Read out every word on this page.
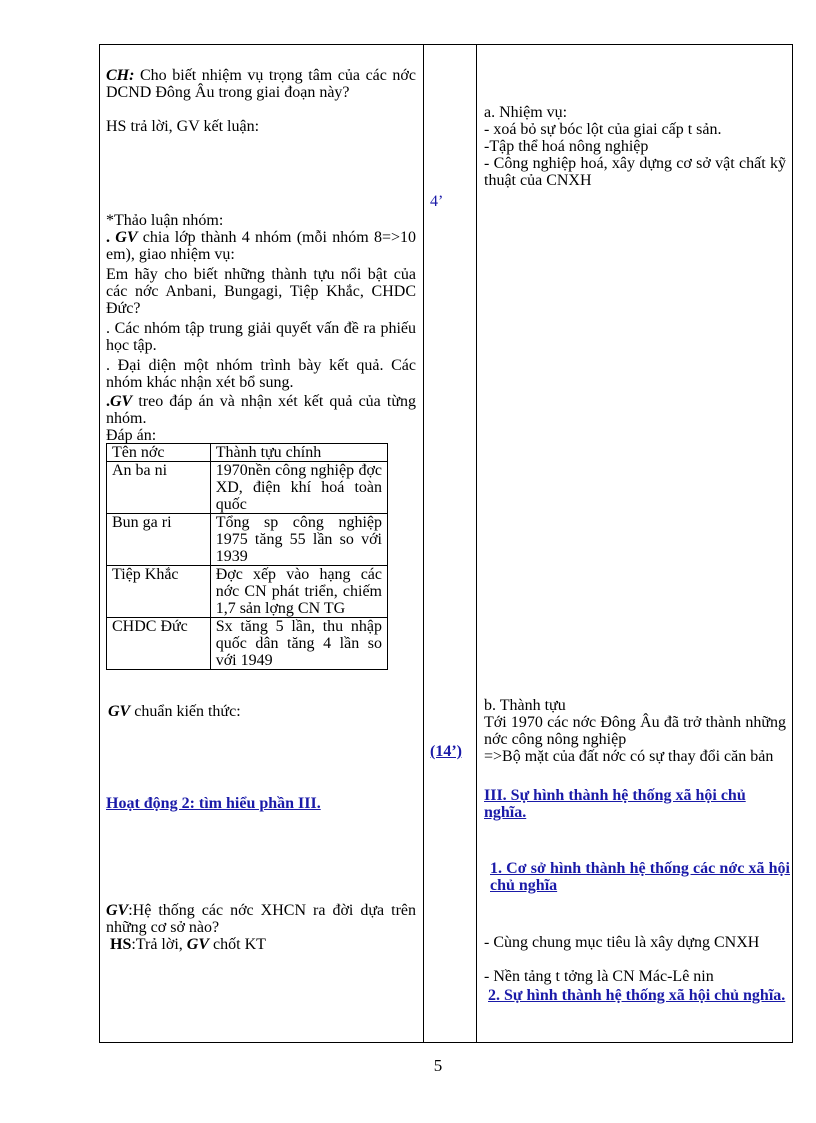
CH: Cho biết nhiệm vụ trọng tâm của các nớc DCND Đông Âu trong giai đoạn này?
HS trả lời, GV kết luận:
*Thảo luận nhóm:
. GV chia lớp thành 4 nhóm (mỗi nhóm 8=>10 em), giao nhiệm vụ:
Em hãy cho biết những thành tựu nổi bật của các nớc Anbani, Bungagi, Tiệp Khắc, CHDC Đức?
. Các nhóm tập trung giải quyết vấn đề ra phiếu học tập.
. Đại diện một nhóm trình bày kết quả. Các nhóm khác nhận xét bổ sung.
.GV treo đáp án và nhận xét kết quả của từng nhóm.
Đáp án:
Tên nớc	Thành tựu chính
An ba ni	1970nền công nghiệp đợc XD, điện khí hoá toàn quốc
Bun ga ri	Tổng sp công nghiệp 1975 tăng 55 lần so với 1939
Tiệp Khắc	Đợc xếp vào hạng các nớc CN phát triển, chiếm 1,7 sản lợng CN TG
CHDC Đức	Sx tăng 5 lần, thu nhập quốc dân tăng 4 lần so với 1949
GV chuẩn kiến thức:
Hoạt động 2: tìm hiểu phần III.
GV:Hệ thống các nớc XHCN ra đời dựa trên những cơ sở nào?
HS:Trả lời, GV chốt KT
4’
(14’)
a. Nhiệm vụ:
- xoá bỏ sự bóc lột của giai cấp t sản.
-Tập thể hoá nông nghiệp
- Công nghiệp hoá, xây dựng cơ sở vật chất kỹ thuật của CNXH
b. Thành tựu
Tới 1970 các nớc Đông Âu đã trở thành những nớc công nông nghiệp
=>Bộ mặt của đất nớc có sự thay đổi căn bản
III. Sự hình thành hệ thống xã hội chủ nghĩa.
1. Cơ sở hình thành hệ thống các nớc xã hội chủ nghĩa
- Cùng chung mục tiêu là xây dựng CNXH
- Nền tảng t tởng là CN Mác-Lê nin
2. Sự hình thành hệ thống xã hội chủ nghĩa.
5
